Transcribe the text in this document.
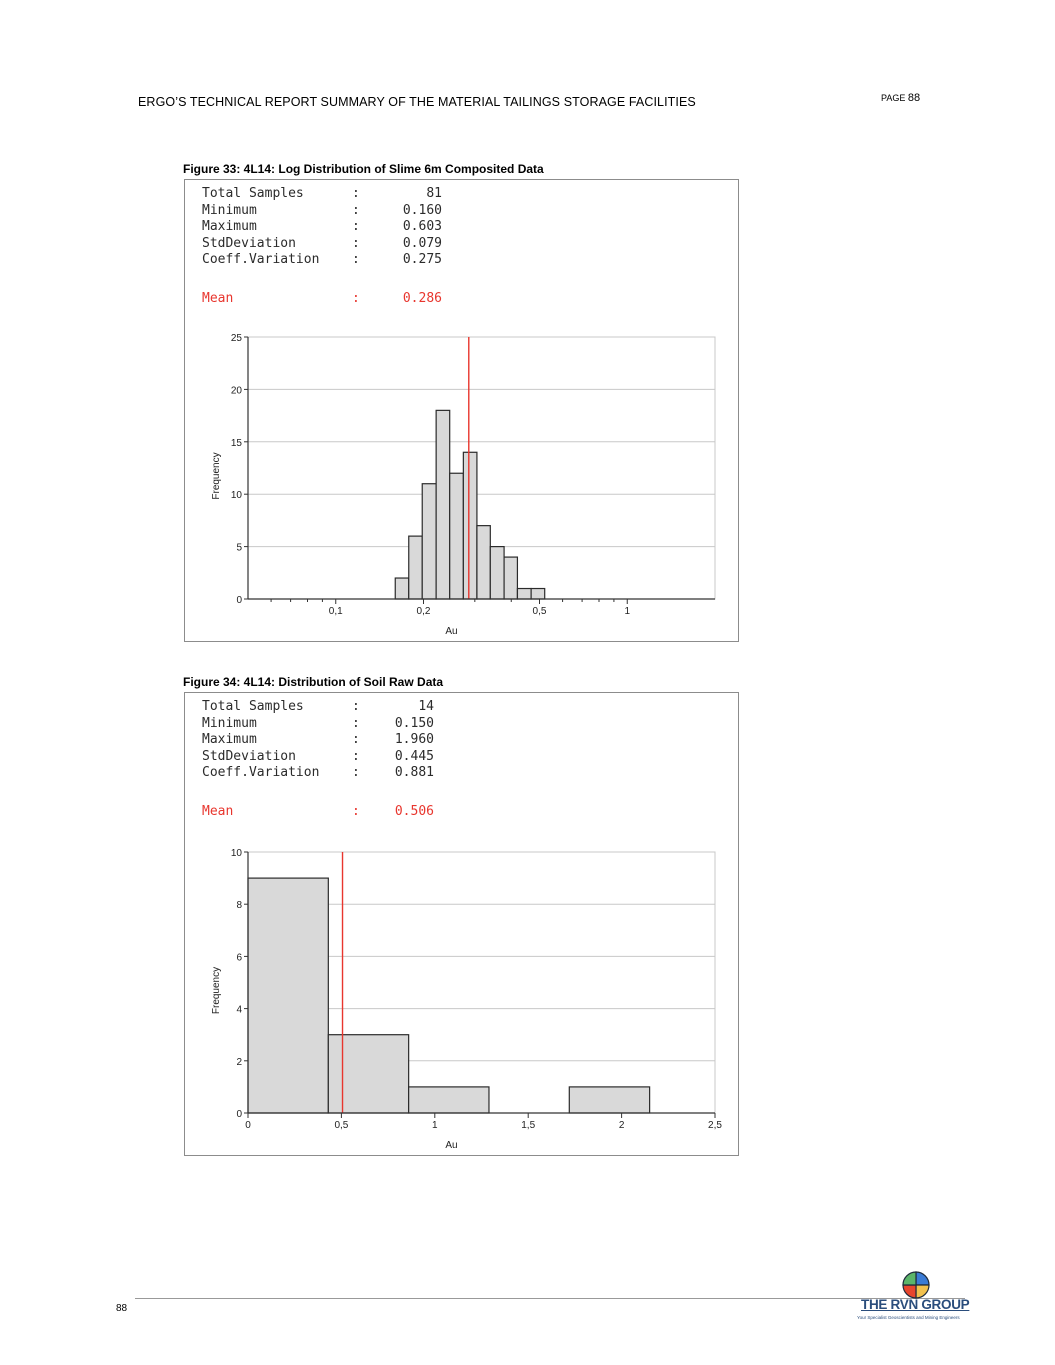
ERGO’S TECHNICAL REPORT SUMMARY OF THE MATERIAL TAILINGS STORAGE FACILITIES	PAGE 88
Figure 33: 4L14: Log Distribution of Slime 6m Composited Data
Total Samples	:	81
Minimum	:	0.160
Maximum	:	0.603
StdDeviation	:	0.079
Coeff.Variation	:	0.275
Mean	:	0.286
0
5
10
15
20
25
0,1	0,2	0,5	1
Au
Frequency
Figure 34: 4L14: Distribution of Soil Raw Data
Total Samples	:	14
Minimum	:	0.150
Maximum	:	1.960
StdDeviation	:	0.445
Coeff.Variation	:	0.881
Mean	:	0.506
0
2
4
6
8
10
0	0,5	1	1,5	2	2,5
Au
Frequency
88	THE RVN GROUP
Your Specialist Geoscientists and Mining Engineers
